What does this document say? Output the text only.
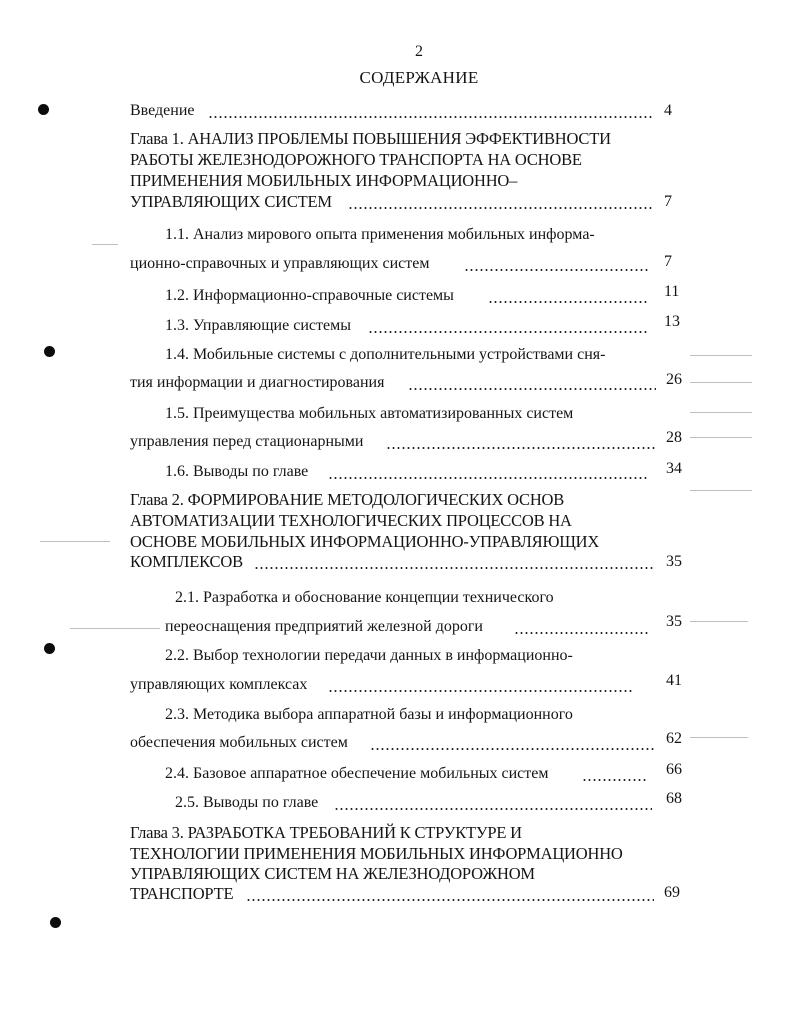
2
СОДЕРЖАНИЕ
Введение	4
Глава 1. АНАЛИЗ ПРОБЛЕМЫ ПОВЫШЕНИЯ ЭФФЕКТИВНОСТИ
РАБОТЫ ЖЕЛЕЗНОДОРОЖНОГО ТРАНСПОРТА НА ОСНОВЕ
ПРИМЕНЕНИЯ МОБИЛЬНЫХ ИНФОРМАЦИОННО–
УПРАВЛЯЮЩИХ СИСТЕМ	7
1.1. Анализ мирового опыта применения мобильных информа-
ционно-справочных и управляющих систем	7
1.2. Информационно-справочные системы	11
1.3. Управляющие системы	13
1.4. Мобильные системы с дополнительными устройствами сня-
тия информации и диагностирования	26
1.5. Преимущества мобильных автоматизированных систем
управления перед стационарными	28
1.6. Выводы по главе	34
Глава 2. ФОРМИРОВАНИЕ МЕТОДОЛОГИЧЕСКИХ ОСНОВ
АВТОМАТИЗАЦИИ ТЕХНОЛОГИЧЕСКИХ ПРОЦЕССОВ НА
ОСНОВЕ МОБИЛЬНЫХ ИНФОРМАЦИОННО-УПРАВЛЯЮЩИХ
КОМПЛЕКСОВ	35
2.1. Разработка и обоснование концепции технического
переоснащения предприятий железной дороги	35
2.2. Выбор технологии передачи данных в информационно-
управляющих комплексах	41
2.3. Методика выбора аппаратной базы и информационного
обеспечения мобильных систем	62
2.4. Базовое аппаратное обеспечение мобильных систем	66
2.5. Выводы по главе	68
Глава 3. РАЗРАБОТКА ТРЕБОВАНИЙ К СТРУКТУРЕ И
ТЕХНОЛОГИИ ПРИМЕНЕНИЯ МОБИЛЬНЫХ ИНФОРМАЦИОННО
УПРАВЛЯЮЩИХ СИСТЕМ НА ЖЕЛЕЗНОДОРОЖНОМ
ТРАНСПОРТЕ	69
